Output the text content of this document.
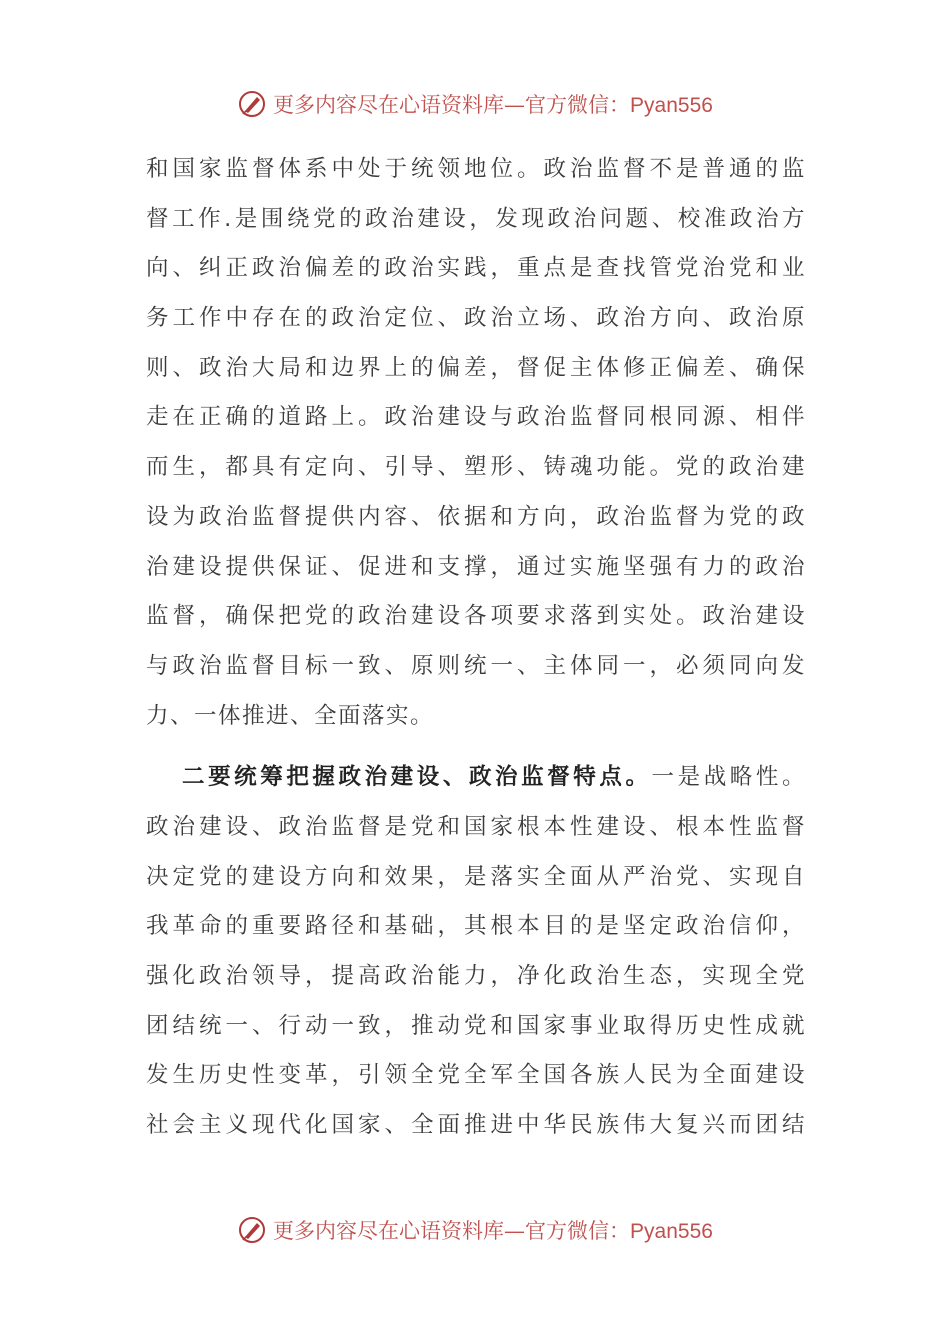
更多内容尽在心语资料库—官方微信：Pyan556
和国家监督体系中处于统领地位。政治监督不是普通的监
督工作.是围绕党的政治建设，发现政治问题、校准政治方
向、纠正政治偏差的政治实践，重点是查找管党治党和业
务工作中存在的政治定位、政治立场、政治方向、政治原
则、政治大局和边界上的偏差，督促主体修正偏差、确保
走在正确的道路上。政治建设与政治监督同根同源、相伴
而生，都具有定向、引导、塑形、铸魂功能。党的政治建
设为政治监督提供内容、依据和方向，政治监督为党的政
治建设提供保证、促进和支撑，通过实施坚强有力的政治
监督，确保把党的政治建设各项要求落到实处。政治建设
与政治监督目标一致、原则统一、主体同一，必须同向发
力、一体推进、全面落实。
二要统筹把握政治建设、政治监督特点。一是战略性。
政治建设、政治监督是党和国家根本性建设、根本性监督
决定党的建设方向和效果，是落实全面从严治党、实现自
我革命的重要路径和基础，其根本目的是坚定政治信仰，
强化政治领导，提高政治能力，净化政治生态，实现全党
团结统一、行动一致，推动党和国家事业取得历史性成就
发生历史性变革，引领全党全军全国各族人民为全面建设
社会主义现代化国家、全面推进中华民族伟大复兴而团结
更多内容尽在心语资料库—官方微信：Pyan556
